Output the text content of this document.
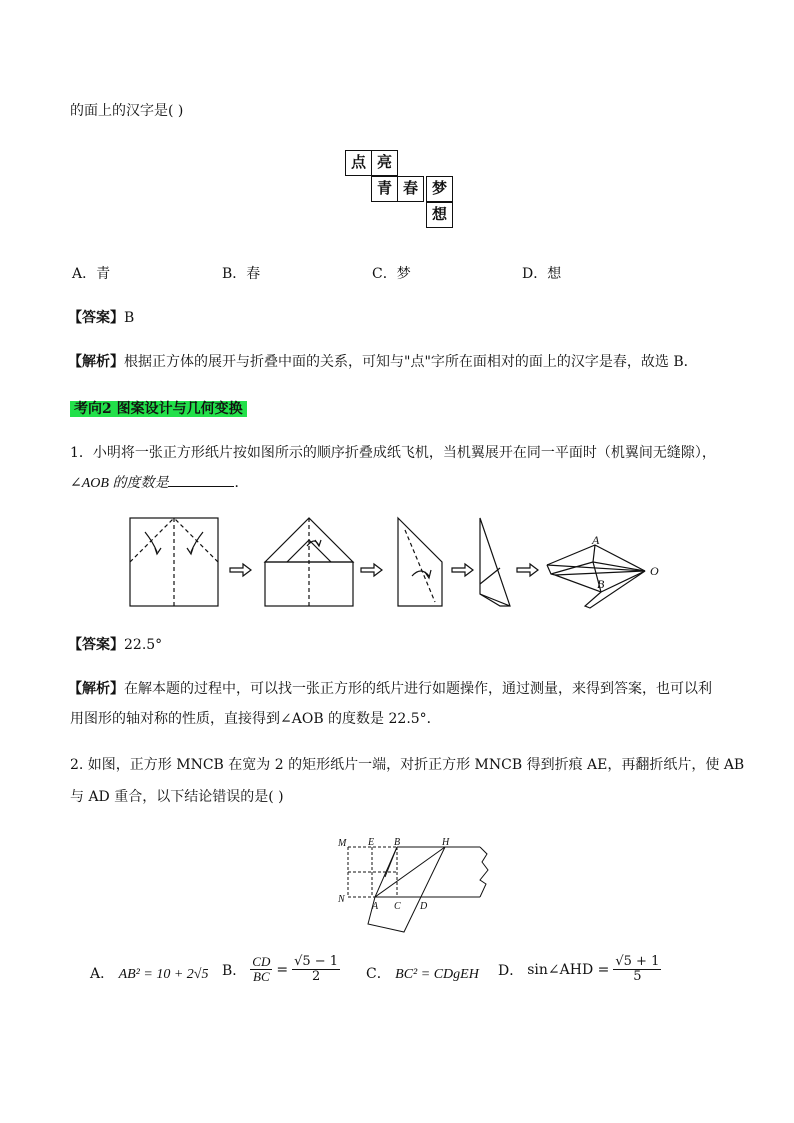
的面上的汉字是( )
点 亮
青 春 梦
想
A．青	B．春	C．梦	D．想
【答案】B
【解析】根据正方体的展开与折叠中面的关系，可知与"点"字所在面相对的面上的汉字是春，故选 B．
考向2 图案设计与几何变换
1．小明将一张正方形纸片按如图所示的顺序折叠成纸飞机，当机翼展开在同一平面时（机翼间无缝隙），
∠AOB 的度数是	．
A
B
O
【答案】22.5°
【解析】在解本题的过程中，可以找一张正方形的纸片进行如题操作，通过测量，来得到答案，也可以利
用图形的轴对称的性质，直接得到∠AOB 的度数是 22.5°．
2. 如图，正方形 MNCB 在宽为 2 的矩形纸片一端，对折正方形 MNCB 得到折痕 AE，再翻折纸片，使 AB
与 AD 重合，以下结论错误的是( )
M E B	H
N
A C D
A． AB² = 10 + 2√5 B． $\frac{CD}{BC} = \frac{√5 - 1}{2}$ C． BC² = CDgEH D． sin∠AHD = $\frac{√5 + 1}{5}$
